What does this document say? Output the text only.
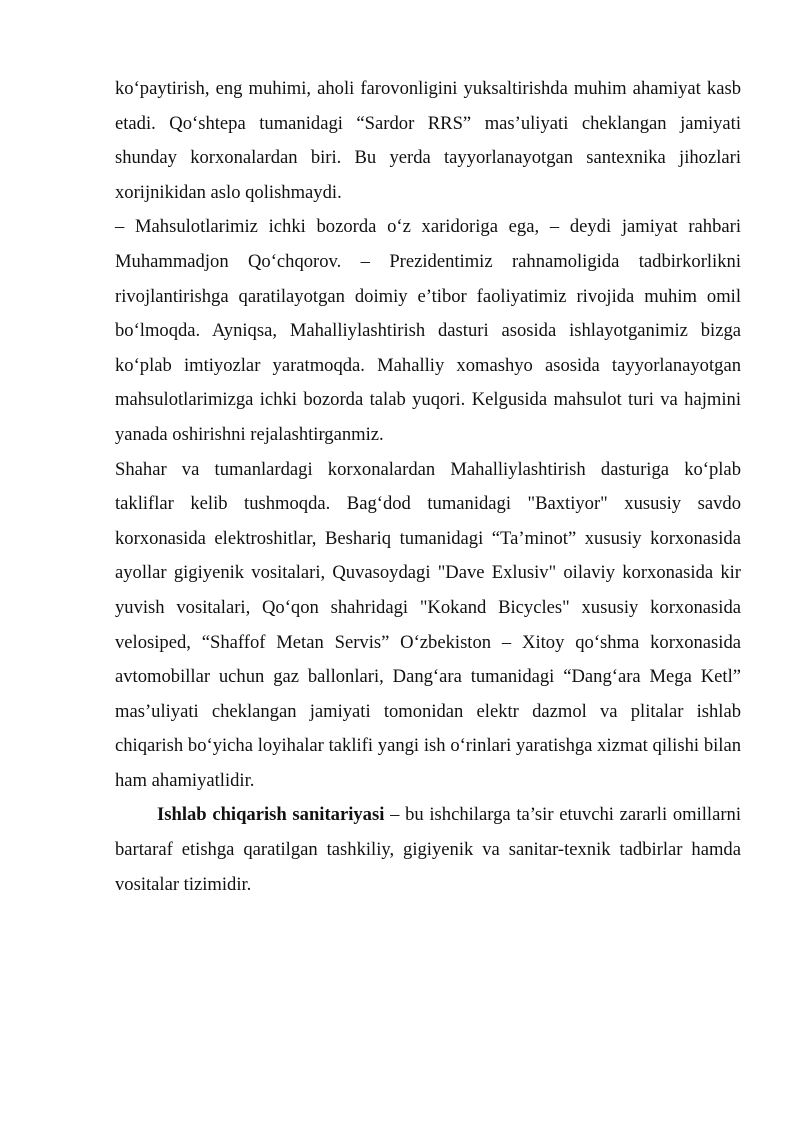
koʻpaytirish, eng muhimi, aholi farovonligini yuksaltirishda muhim ahamiyat kasb etadi. Qoʻshtepa tumanidagi “Sardor RRS” mas’uliyati cheklangan jamiyati shunday korxonalardan biri. Bu yerda tayyorlanayotgan santexnika jihozlari xorijnikidan aslo qolishmaydi.

– Mahsulotlarimiz ichki bozorda oʻz xaridoriga ega, – deydi jamiyat rahbari Muhammadjon Qoʻchqorov. – Prezidentimiz rahnamoligida tadbirkorlikni rivojlantirishga qaratilayotgan doimiy e’tibor faoliyatimiz rivojida muhim omil boʻlmoqda. Ayniqsa, Mahalliylashtirish dasturi asosida ishlayotganimiz bizga koʻplab imtiyozlar yaratmoqda. Mahalliy xomashyo asosida tayyorlanayotgan mahsulotlarimizga ichki bozorda talab yuqori. Kelgusida mahsulot turi va hajmini yanada oshirishni rejalashtirganmiz.

Shahar va tumanlardagi korxonalardan Mahalliylashtirish dasturiga koʻplab takliflar kelib tushmoqda. Bagʻdod tumanidagi "Baxtiyor" xususiy savdo korxonasida elektroshitlar, Beshariq tumanidagi “Ta’minot” xususiy korxonasida ayollar gigiyenik vositalari, Quvasoydagi "Dave Exlusiv" oilaviy korxonasida kir yuvish vositalari, Qoʻqon shahridagi "Kokand Bicycles" xususiy korxonasida velosiped, “Shaffof Metan Servis” Oʻzbekiston – Xitoy qoʻshma korxonasida avtomobillar uchun gaz ballonlari, Dangʻara tumanidagi “Dangʻara Mega Ketl” mas’uliyati cheklangan jamiyati tomonidan elektr dazmol va plitalar ishlab chiqarish boʻyicha loyihalar taklifi yangi ish oʻrinlari yaratishga xizmat qilishi bilan ham ahamiyatlidir.

Ishlab chiqarish sanitariyasi – bu ishchilarga ta’sir etuvchi zararli omillarni bartaraf etishga qaratilgan tashkiliy, gigiyenik va sanitar-texnik tadbirlar hamda vositalar tizimidir.
